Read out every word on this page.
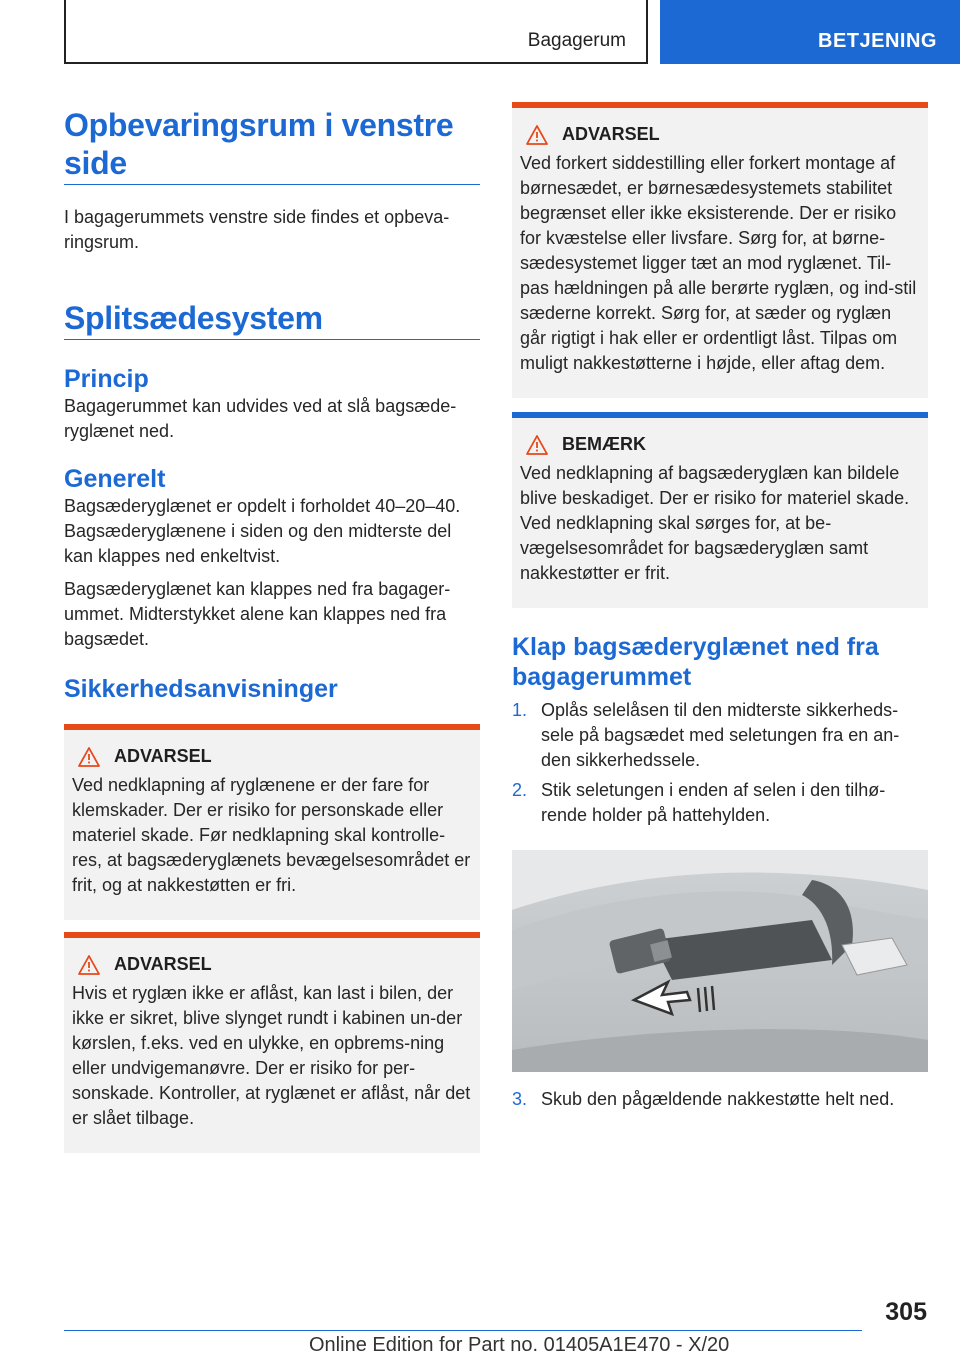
Bagagerum	BETJENING
Opbevaringsrum i venstre side

I bagagerummets venstre side findes et opbeva-ringsrum.

Splitsædesystem
Princip

Bagagerummet kan udvides ved at slå bagsæde-ryglænet ned.

Generelt

Bagsæderyglænet er opdelt i forholdet 40–20–40. Bagsæderyglænene i siden og den midterste del kan klappes ned enkeltvist.

Bagsæderyglænet kan klappes ned fra bagager-ummet. Midterstykket alene kan klappes ned fra bagsædet.

Sikkerhedsanvisninger
ADVARSEL

Ved nedklapning af ryglænene er der fare for klemskader. Der er risiko for personskade eller materiel skade. Før nedklapning skal kontrolle-res, at bagsæderyglænets bevægelsesområdet er frit, og at nakkestøtten er fri.

ADVARSEL

Hvis et ryglæn ikke er aflåst, kan last i bilen, der ikke er sikret, blive slynget rundt i kabinen un-der kørslen, f.eks. ved en ulykke, en opbrems-ning eller undvigemanøvre. Der er risiko for per-sonskade. Kontroller, at ryglænet er aflåst, når det er slået tilbage.

ADVARSEL

Ved forkert siddestilling eller forkert montage af børnesædet, er børnesædesystemets stabilitet begrænset eller ikke eksisterende. Der er risiko for kvæstelse eller livsfare. Sørg for, at børne-sædesystemet ligger tæt an mod ryglænet. Til-pas hældningen på alle berørte ryglæn, og ind-stil sæderne korrekt. Sørg for, at sæder og ryglæn går rigtigt i hak eller er ordentligt låst. Tilpas om muligt nakkestøtterne i højde, eller aftag dem.

BEMÆRK

Ved nedklapning af bagsæderyglæn kan bildele blive beskadiget. Der er risiko for materiel skade. Ved nedklapning skal sørges for, at be-vægelsesområdet for bagsæderyglæn samt nakkestøtter er frit.

Klap bagsæderyglænet ned fra bagagerummet
1. Oplås selelåsen til den midterste sikkerheds-sele på bagsædet med seletungen fra en an-den sikkerhedssele.
2. Stik seletungen i enden af selen i den tilhø-rende holder på hattehylden.
3. Skub den pågældende nakkestøtte helt ned.
305
Online Edition for Part no. 01405A1E470 - X/20
